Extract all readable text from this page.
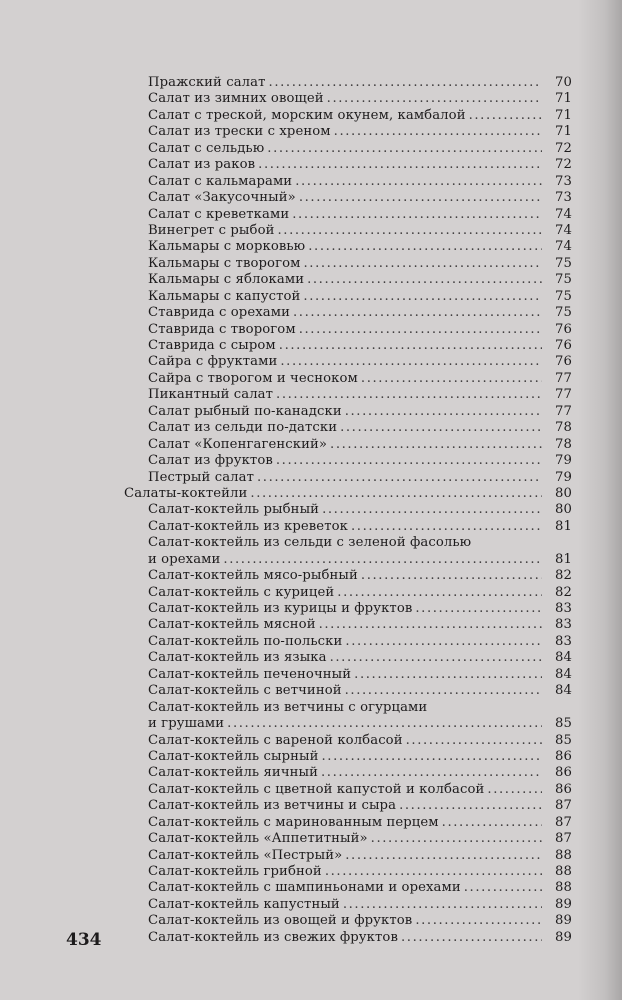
Пражский салат .....	70
Салат из зимних овощей .....	71
Салат с треской, морским окунем, камбалой .....	71
Салат из трески с хреном .....	71
Салат с сельдью .....	72
Салат из раков .....	72
Салат с кальмарами .....	73
Салат «Закусочный» .....	73
Салат с креветками .....	74
Винегрет с рыбой .....	74
Кальмары с морковью .....	74
Кальмары с творогом .....	75
Кальмары с яблоками .....	75
Кальмары с капустой .....	75
Ставрида с орехами .....	75
Ставрида с творогом .....	76
Ставрида с сыром .....	76
Сайра с фруктами .....	76
Сайра с творогом и чесноком .....	77
Пикантный салат .....	77
Салат рыбный по-канадски .....	77
Салат из сельди по-датски .....	78
Салат «Копенгагенский» .....	78
Салат из фруктов .....	79
Пестрый салат .....	79
Салаты-коктейли .....	80
Салат-коктейль рыбный .....	80
Салат-коктейль из креветок .....	81
Салат-коктейль из сельди с зеленой фасолью
и орехами .....	81
Салат-коктейль мясо-рыбный .....	82
Салат-коктейль с курицей .....	82
Салат-коктейль из курицы и фруктов .....	83
Салат-коктейль мясной .....	83
Салат-коктейль по-польски .....	83
Салат-коктейль из языка .....	84
Салат-коктейль печеночный .....	84
Салат-коктейль с ветчиной .....	84
Салат-коктейль из ветчины с огурцами
и грушами .....	85
Салат-коктейль с вареной колбасой .....	85
Салат-коктейль сырный .....	86
Салат-коктейль яичный .....	86
Салат-коктейль с цветной капустой и колбасой .....	86
Салат-коктейль из ветчины и сыра .....	87
Салат-коктейль с маринованным перцем .....	87
Салат-коктейль «Аппетитный» .....	87
Салат-коктейль «Пестрый» .....	88
Салат-коктейль грибной .....	88
Салат-коктейль с шампиньонами и орехами .....	88
Салат-коктейль капустный .....	89
Салат-коктейль из овощей и фруктов .....	89
Салат-коктейль из свежих фруктов .....	89
434
